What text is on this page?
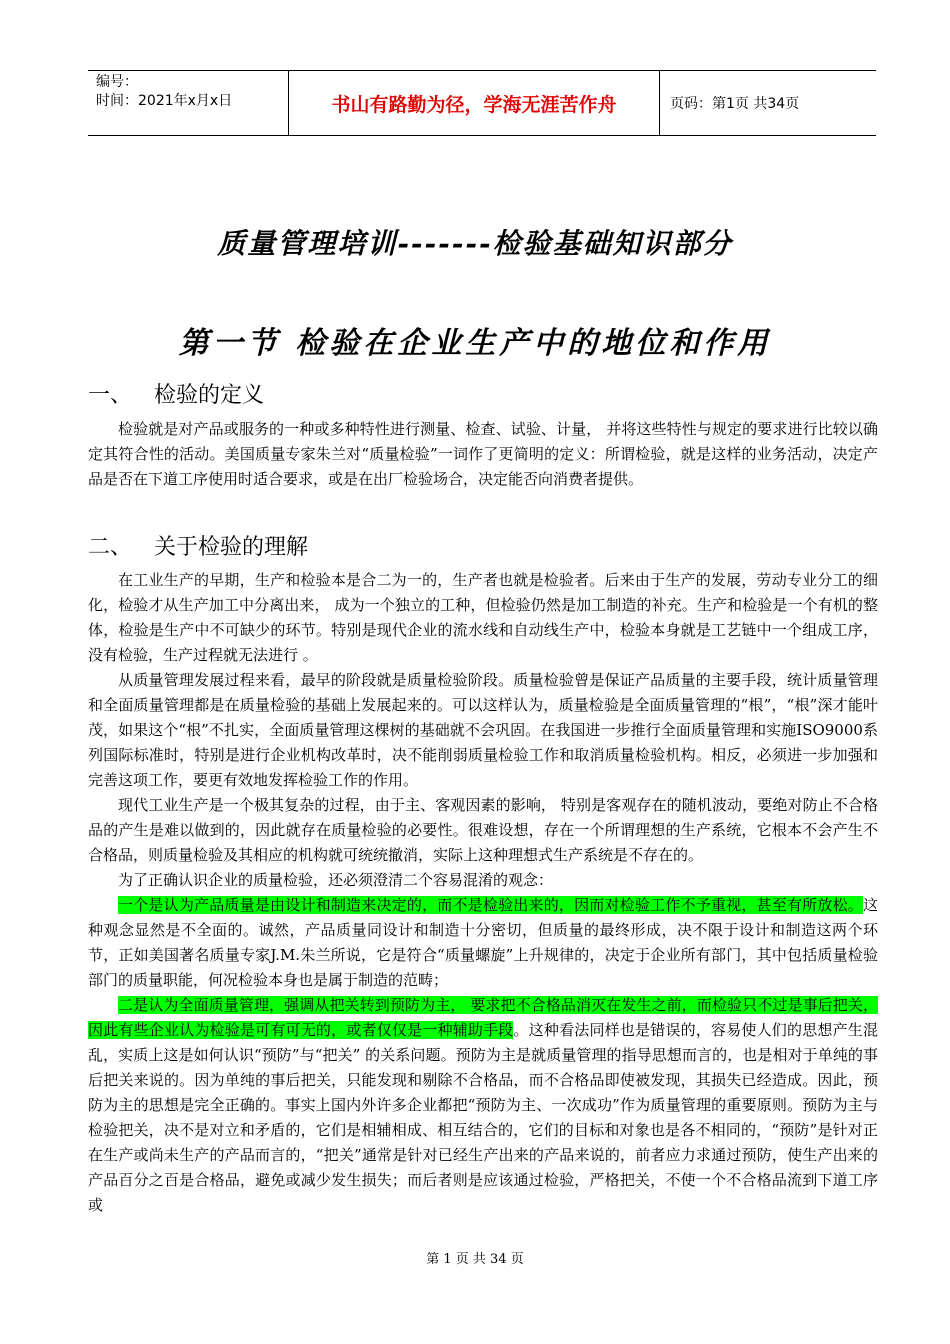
编号：
时间：2021年x月x日	书山有路勤为径，学海无涯苦作舟	页码：第1页 共34页
质量管理培训-------检验基础知识部分
第一节 检验在企业生产中的地位和作用
一、 检验的定义

检验就是对产品或服务的一种或多种特性进行测量、检查、试验、计量， 并将这些特性与规定的要求进行比较以确定其符合性的活动。美国质量专家朱兰对“质量检验”一词作了更简明的定义：所谓检验，就是这样的业务活动，决定产品是否在下道工序使用时适合要求，或是在出厂检验场合，决定能否向消费者提供。

二、 关于检验的理解

在工业生产的早期，生产和检验本是合二为一的，生产者也就是检验者。后来由于生产的发展，劳动专业分工的细化，检验才从生产加工中分离出来， 成为一个独立的工种，但检验仍然是加工制造的补充。生产和检验是一个有机的整体，检验是生产中不可缺少的环节。特别是现代企业的流水线和自动线生产中，检验本身就是工艺链中一个组成工序，没有检验，生产过程就无法进行 。

从质量管理发展过程来看，最早的阶段就是质量检验阶段。质量检验曾是保证产品质量的主要手段，统计质量管理和全面质量管理都是在质量检验的基础上发展起来的。可以这样认为，质量检验是全面质量管理的“根”，“根”深才能叶茂，如果这个“根”不扎实，全面质量管理这棵树的基础就不会巩固。在我国进一步推行全面质量管理和实施ISO9000系列国际标准时，特别是进行企业机构改革时，决不能削弱质量检验工作和取消质量检验机构。相反，必须进一步加强和完善这项工作，要更有效地发挥检验工作的作用。

现代工业生产是一个极其复杂的过程，由于主、客观因素的影响， 特别是客观存在的随机波动，要绝对防止不合格品的产生是难以做到的，因此就存在质量检验的必要性。很难设想，存在一个所谓理想的生产系统，它根本不会产生不合格品，则质量检验及其相应的机构就可统统撤消，实际上这种理想式生产系统是不存在的。

为了正确认识企业的质量检验，还必须澄清二个容易混淆的观念：

一个是认为产品质量是由设计和制造来决定的，而不是检验出来的，因而对检验工作不予重视，甚至有所放松。这种观念显然是不全面的。诚然，产品质量同设计和制造十分密切，但质量的最终形成，决不限于设计和制造这两个环节，正如美国著名质量专家J.M.朱兰所说，它是符合“质量螺旋”上升规律的，决定于企业所有部门，其中包括质量检验部门的质量职能，何况检验本身也是属于制造的范畴；

二是认为全面质量管理，强调从把关转到预防为主， 要求把不合格品消灭在发生之前，而检验只不过是事后把关，因此有些企业认为检验是可有可无的，或者仅仅是一种辅助手段。这种看法同样也是错误的，容易使人们的思想产生混乱，实质上这是如何认识“预防”与“把关” 的关系问题。预防为主是就质量管理的指导思想而言的，也是相对于单纯的事后把关来说的。因为单纯的事后把关，只能发现和剔除不合格品，而不合格品即使被发现，其损失已经造成。因此，预防为主的思想是完全正确的。事实上国内外许多企业都把“预防为主、一次成功”作为质量管理的重要原则。预防为主与检验把关，决不是对立和矛盾的，它们是相辅相成、相互结合的，它们的目标和对象也是各不相同的，“预防”是针对正在生产或尚未生产的产品而言的，“把关”通常是针对已经生产出来的产品来说的，前者应力求通过预防，使生产出来的产品百分之百是合格品，避免或减少发生损失；而后者则是应该通过检验，严格把关，不使一个不合格品流到下道工序或

第 1 页 共 34 页
